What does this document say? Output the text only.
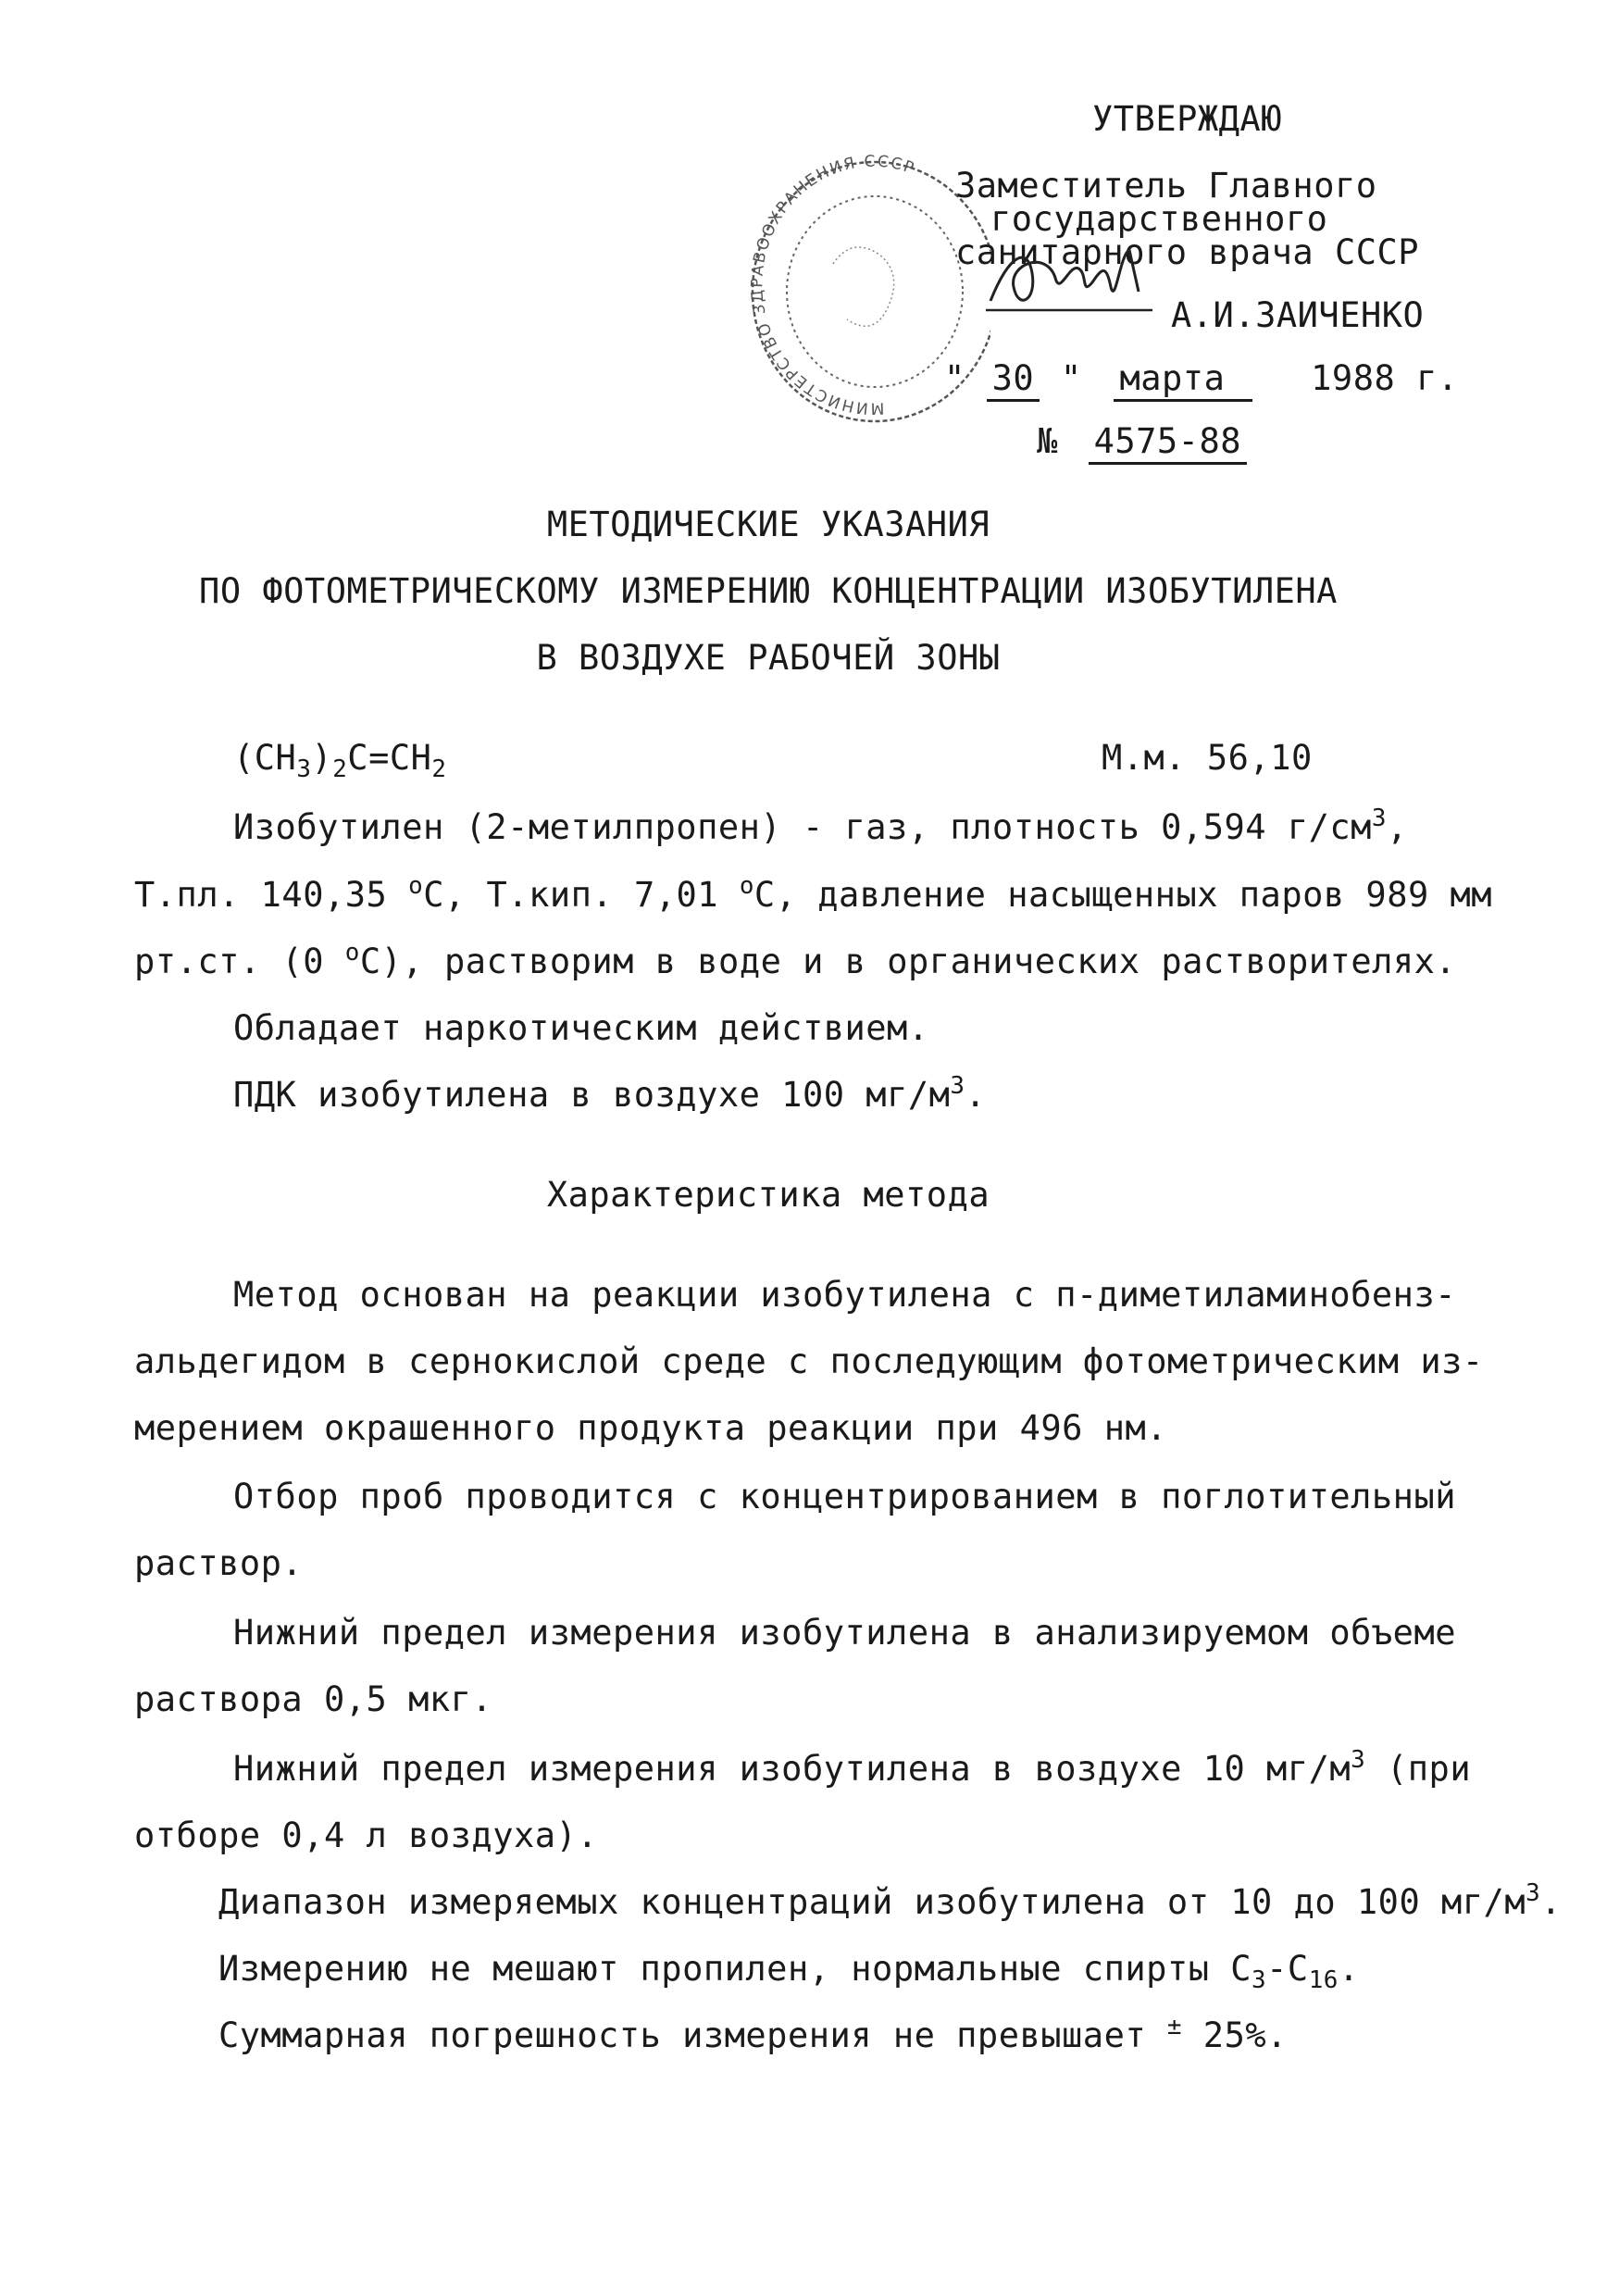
МИНИСТЕРСТВО ЗДРАВООХРАНЕНИЯ СССР
УТВЕРЖДАЮ
Заместитель Главного
государственного
санитарного врача СССР
А.И.ЗАИЧЕНКО
" 30 " марта	1988 г.
№ 4575-88
МЕТОДИЧЕСКИЕ УКАЗАНИЯ
ПО ФОТОМЕТРИЧЕСКОМУ ИЗМЕРЕНИЮ КОНЦЕНТРАЦИИ ИЗОБУТИЛЕНА
В ВОЗДУХЕ РАБОЧЕЙ ЗОНЫ
$(CH_3)_2C=CH_2$	М.м. 56,10
Изобутилен (2-метилпропен) - газ, плотность 0,594 $г/см^3$,
Т.пл. 140,35 $^о$С, Т.кип. 7,01 $^о$С, давление насыщенных паров 989 мм
рт.ст. (0 $^о$С), растворим в воде и в органических растворителях.
Обладает наркотическим действием.
ПДК изобутилена в воздухе 100 $мг/м^3$.
Характеристика метода
Метод основан на реакции изобутилена с п-диметиламинобенз-
альдегидом в сернокислой среде с последующим фотометрическим из-
мерением окрашенного продукта реакции при 496 нм.
Отбор проб проводится с концентрированием в поглотительный
раствор.
Нижний предел измерения изобутилена в анализируемом объеме
раствора 0,5 мкг.
Нижний предел измерения изобутилена в воздухе 10 $мг/м^3$ (при
отборе 0,4 л воздуха).
Диапазон измеряемых концентраций изобутилена от 10 до 100 $мг/м^3$.
Измерению не мешают пропилен, нормальные спирты $С_3-С_{16}$.
Суммарная погрешность измерения не превышает ± 25%.
